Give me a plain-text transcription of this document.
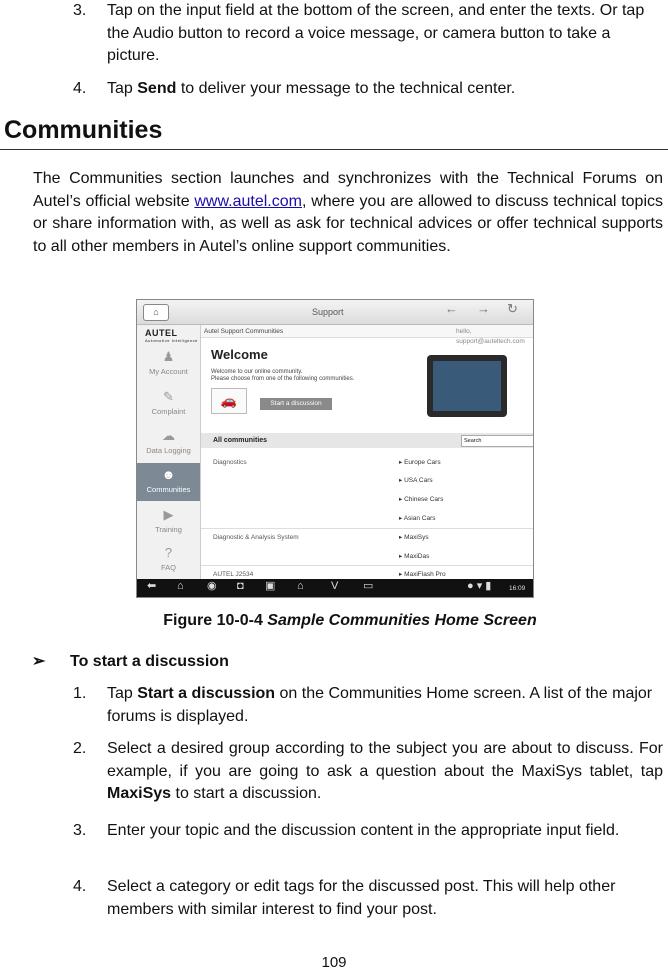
3. Tap on the input field at the bottom of the screen, and enter the texts. Or tap the Audio button to record a voice message, or camera button to take a picture.
4. Tap Send to deliver your message to the technical center.
Communities
The Communities section launches and synchronizes with the Technical Forums on Autel’s official website www.autel.com, where you are allowed to discuss technical topics or share information with, as well as ask for technical advices or offer technical supports to all other members in Autel’s online support communities.
⌂	Support	← → ↻
AUTEL
Automotive Intelligence
♟
My Account
✎
Complaint
☁
Data Logging
☻
Communities
▶
Training
?
FAQ
Autel Support Communities	hello, support@auteltech.com
Welcome
Welcome to our online community.
Please choose from one of the following communities.
🚗	Start a discussion
All communities	Search
Diagnostics	▸ Europe Cars
▸ USA Cars
▸ Chinese Cars
▸ Asian Cars
Diagnostic & Analysis System	▸ MaxiSys
▸ MaxiDas
AUTEL J2534	▸ MaxiFlash Pro
⬅ ⌂ ◉ ◘ ▣ ⌂ V ▭	● ▾ ▮	16:09
Figure 10-0-4 Sample Communities Home Screen
➢ To start a discussion
1. Tap Start a discussion on the Communities Home screen. A list of the major forums is displayed.
2. Select a desired group according to the subject you are about to discuss. For example, if you are going to ask a question about the MaxiSys tablet, tap MaxiSys to start a discussion.
3. Enter your topic and the discussion content in the appropriate input field.
4. Select a category or edit tags for the discussed post. This will help other members with similar interest to find your post.
109
